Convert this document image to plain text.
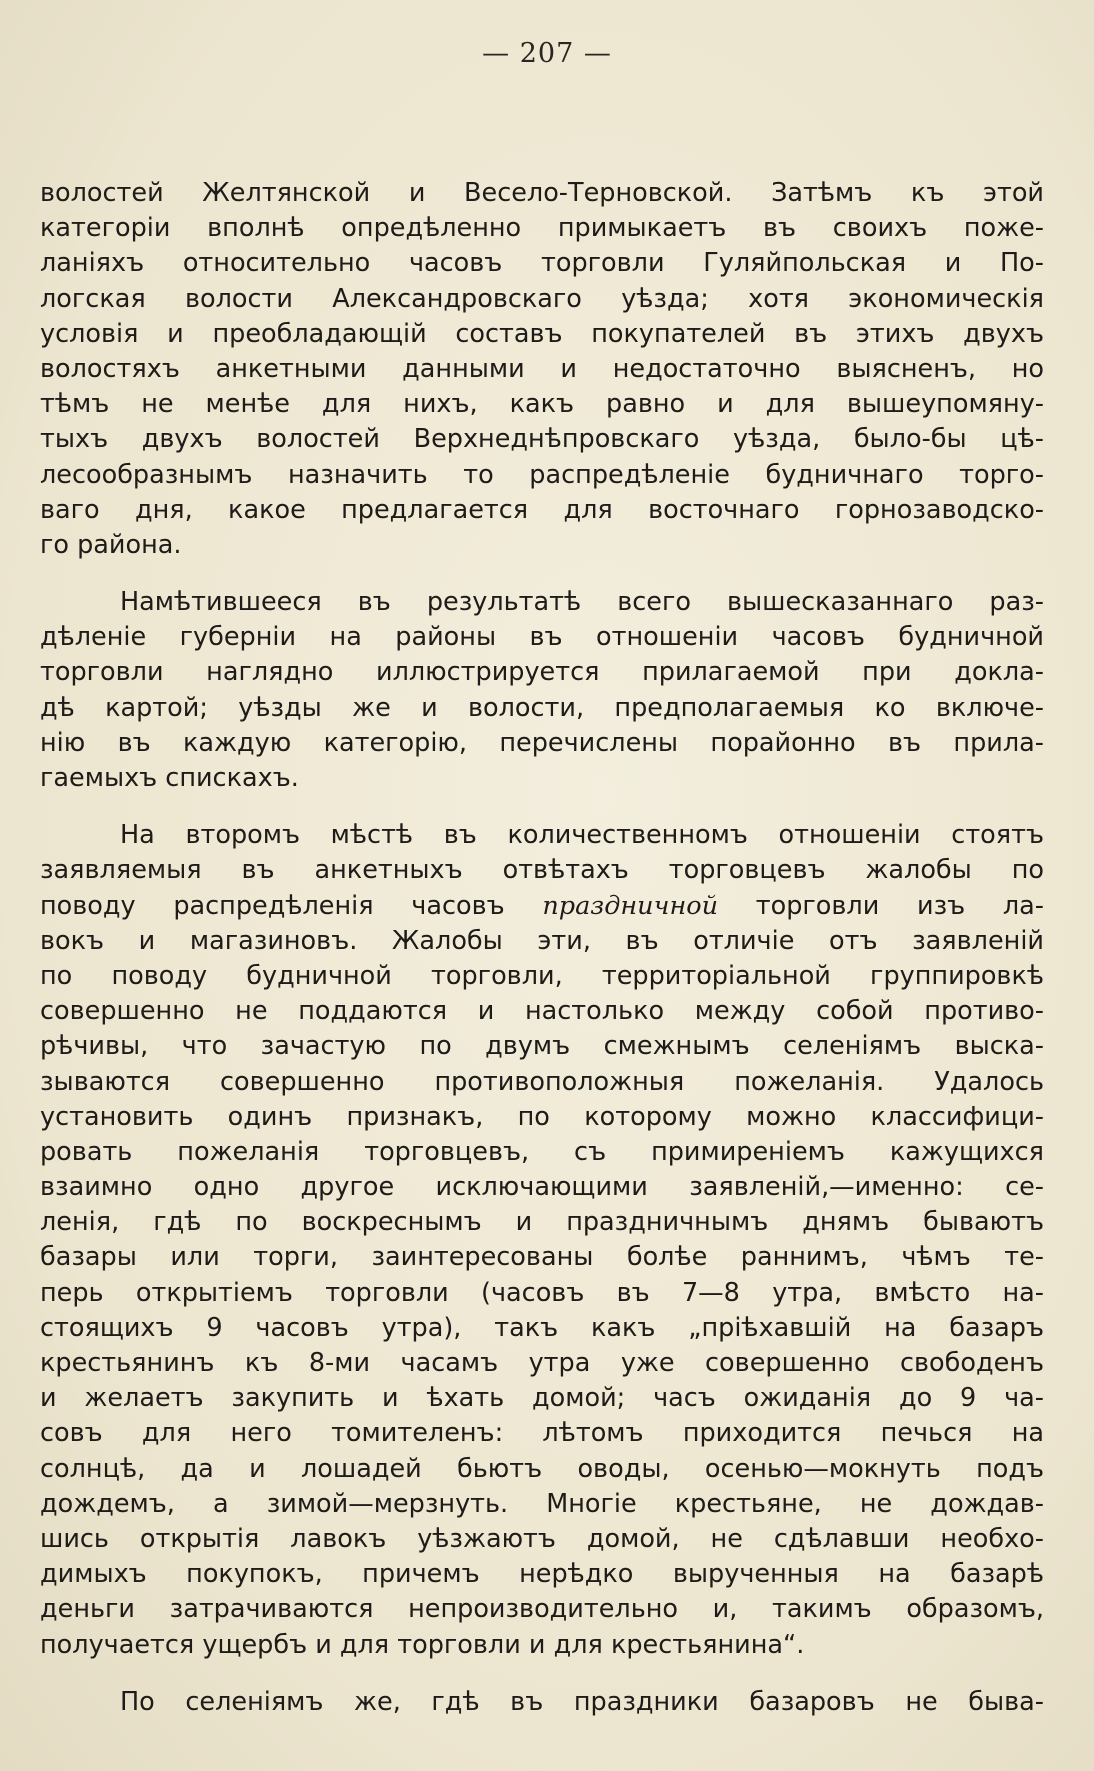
— 207 —
волостей Желтянской и Весело-Терновской. Затѣмъ къ этой
категоріи вполнѣ опредѣленно примыкаетъ въ своихъ поже-
ланіяхъ относительно часовъ торговли Гуляйпольская и По-
логская волости Александровскаго уѣзда; хотя экономическія
условія и преобладающій составъ покупателей въ этихъ двухъ
волостяхъ анкетными данными и недостаточно выясненъ, но
тѣмъ не менѣе для нихъ, какъ равно и для вышеупомяну-
тыхъ двухъ волостей Верхнеднѣпровскаго уѣзда, было-бы цѣ-
лесообразнымъ назначить то распредѣленіе будничнаго торго-
ваго дня, какое предлагается для восточнаго горнозаводско-
го района.
Намѣтившееся въ результатѣ всего вышесказаннаго раз-
дѣленіе губерніи на районы въ отношеніи часовъ будничной
торговли наглядно иллюстрируется прилагаемой при доклa-
дѣ картой; уѣзды же и волости, предполагаемыя ко включе-
нію въ каждую категорію, перечислены порайонно въ прила-
гаемыхъ спискахъ.
На второмъ мѣстѣ въ количественномъ отношеніи стоятъ
заявляемыя въ анкетныхъ отвѣтахъ торговцевъ жалобы по
поводу распредѣленія часовъ праздничной торговли изъ ла-
вокъ и магазиновъ. Жалобы эти, въ отличіе отъ заявленій
по поводу будничной торговли, территоріальной группировкѣ
совершенно не поддаются и настолько между собой противо-
рѣчивы, что зачастую по двумъ смежнымъ селеніямъ выска-
зываются совершенно противоположныя пожеланія. Удалось
установить одинъ признакъ, по которому можно классифици-
ровать пожеланія торговцевъ, съ примиреніемъ кажущихся
взаимно одно другое исключающими заявленій,—именно: се-
ленія, гдѣ по воскреснымъ и праздничнымъ днямъ бываютъ
базары или торги, заинтересованы болѣе раннимъ, чѣмъ те-
перь открытіемъ торговли (часовъ въ 7—8 утра, вмѣсто на-
стоящихъ 9 часовъ утра), такъ какъ „пріѣхавшій на базаръ
крестьянинъ къ 8-ми часамъ утра уже совершенно свободенъ
и желаетъ закупить и ѣхать домой; часъ ожиданія до 9 ча-
совъ для него томителенъ: лѣтомъ приходится печься на
солнцѣ, да и лошадей бьютъ оводы, осенью—мокнуть подъ
дождемъ, а зимой—мерзнуть. Многіе крестьяне, не дождав-
шись открытія лавокъ уѣзжаютъ домой, не сдѣлавши необхо-
димыхъ покупокъ, причемъ нерѣдко вырученныя на базарѣ
деньги затрачиваются непроизводительно и, такимъ образомъ,
получается ущербъ и для торговли и для крестьянина“.
По селеніямъ же, гдѣ въ праздники базаровъ не быва-
